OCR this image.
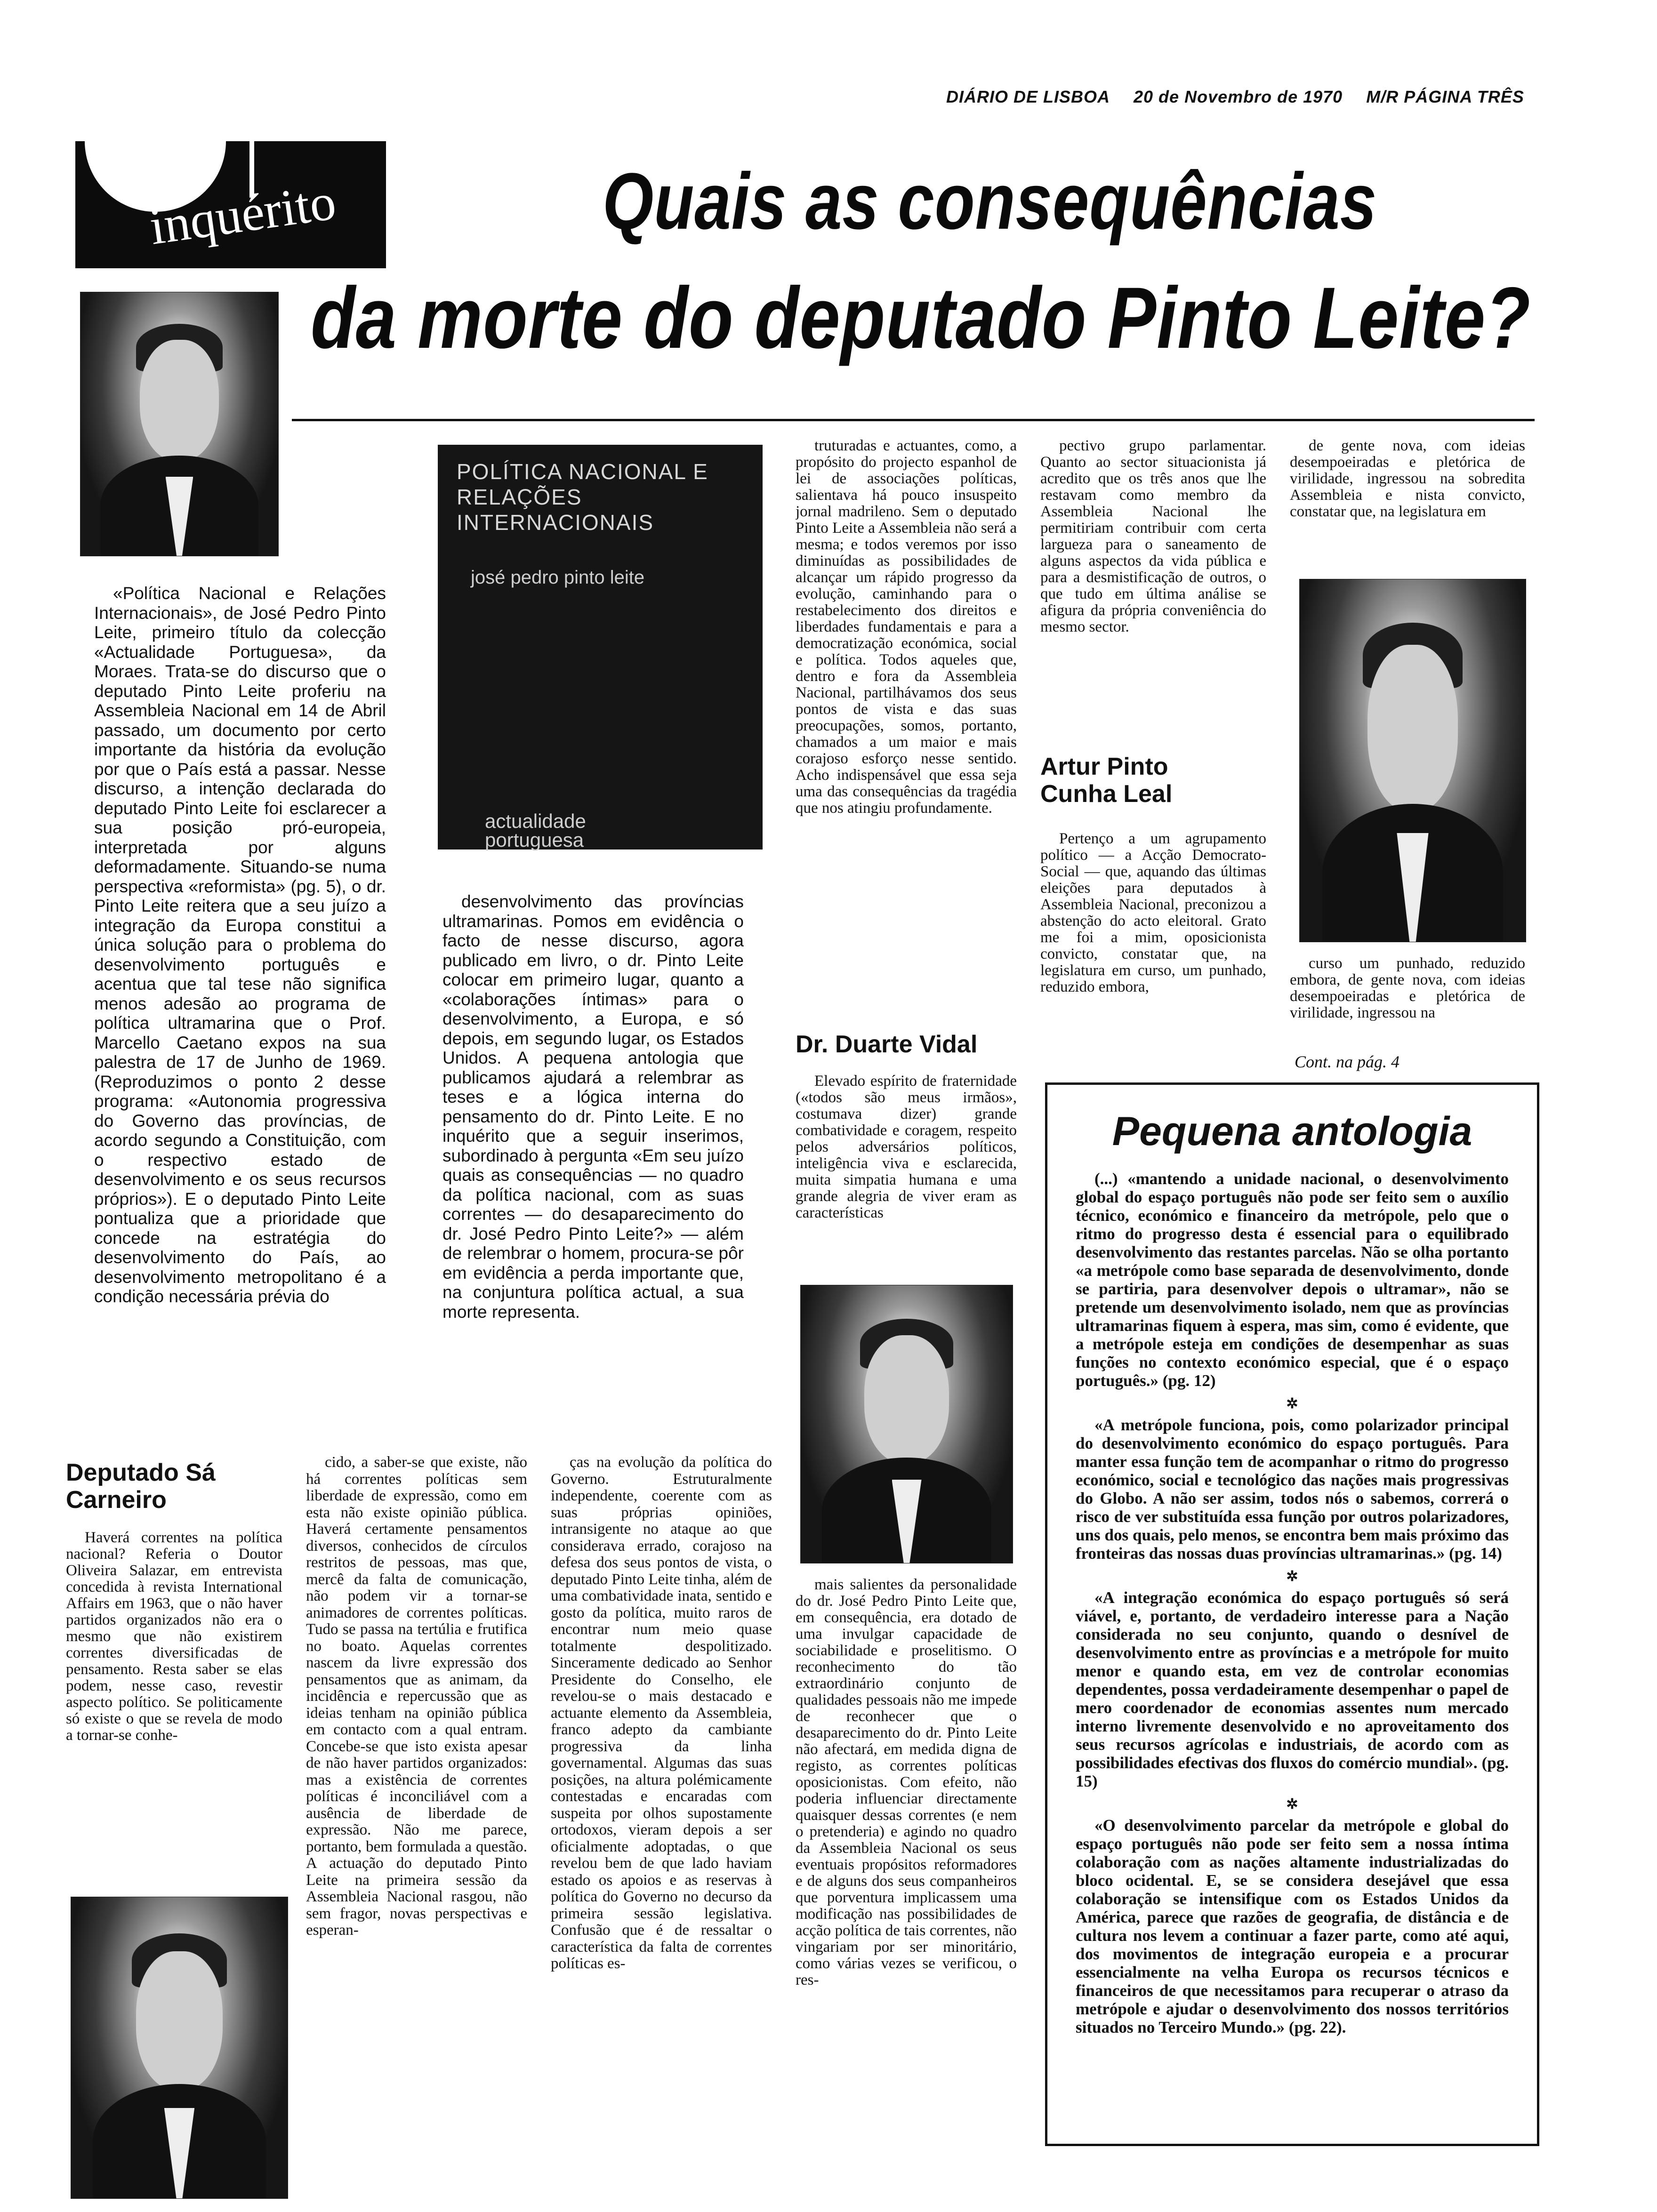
DIÁRIO DE LISBOA 20 de Novembro de 1970 M/R PÁGINA TRÊS
inquérito	Quais as consequências
da morte do deputado Pinto Leite?
POLÍTICA NACIONAL E RELAÇÕES INTERNACIONAIS
josé pedro pinto leite
actualidade portuguesa

«Política Nacional e Relações Internacionais», de José Pedro Pinto Leite, primeiro título da colecção «Actualidade Portuguesa», da Moraes. Trata-se do discurso que o deputado Pinto Leite proferiu na Assembleia Nacional em 14 de Abril passado, um documento por certo importante da história da evolução por que o País está a passar. Nesse discurso, a intenção declarada do deputado Pinto Leite foi esclarecer a sua posição pró-europeia, interpretada por alguns deformadamente. Situando-se numa perspectiva «reformista» (pg. 5), o dr. Pinto Leite reitera que a seu juízo a integração da Europa constitui a única solução para o problema do desenvolvimento português e acentua que tal tese não significa menos adesão ao programa de política ultramarina que o Prof. Marcello Caetano expos na sua palestra de 17 de Junho de 1969. (Reproduzimos o ponto 2 desse programa: «Autonomia progressiva do Governo das províncias, de acordo segundo a Constituição, com o respectivo estado de desenvolvimento e os seus recursos próprios»). E o deputado Pinto Leite pontualiza que a prioridade que concede na estratégia do desenvolvimento do País, ao desenvolvimento metropolitano é a condição necessária prévia do

desenvolvimento das províncias ultramarinas. Pomos em evidência o facto de nesse discurso, agora publicado em livro, o dr. Pinto Leite colocar em primeiro lugar, quanto a «colaborações íntimas» para o desenvolvimento, a Europa, e só depois, em segundo lugar, os Estados Unidos. A pequena antologia que publicamos ajudará a relembrar as teses e a lógica interna do pensamento do dr. Pinto Leite. E no inquérito que a seguir inserimos, subordinado à pergunta «Em seu juízo quais as consequências — no quadro da política nacional, com as suas correntes — do desaparecimento do dr. José Pedro Pinto Leite?» — além de relembrar o homem, procura-se pôr em evidência a perda importante que, na conjuntura política actual, a sua morte representa.

truturadas e actuantes, como, a propósito do projecto espanhol de lei de associações políticas, salientava há pouco insuspeito jornal madrileno. Sem o deputado Pinto Leite a Assembleia não será a mesma; e todos veremos por isso diminuídas as possibilidades de alcançar um rápido progresso da evolução, caminhando para o restabelecimento dos direitos e liberdades fundamentais e para a democratização económica, social e política. Todos aqueles que, dentro e fora da Assembleia Nacional, partilhávamos dos seus pontos de vista e das suas preocupações, somos, portanto, chamados a um maior e mais corajoso esforço nesse sentido. Acho indispensável que essa seja uma das consequências da tragédia que nos atingiu profundamente.

Dr. Duarte Vidal

Elevado espírito de fraternidade («todos são meus irmãos», costumava dizer) grande combatividade e coragem, respeito pelos adversários políticos, inteligência viva e esclarecida, muita simpatia humana e uma grande alegria de viver eram as características

mais salientes da personalidade do dr. José Pedro Pinto Leite que, em consequência, era dotado de uma invulgar capacidade de sociabilidade e proselitismo. O reconhecimento do tão extraordinário conjunto de qualidades pessoais não me impede de reconhecer que o desaparecimento do dr. Pinto Leite não afectará, em medida digna de registo, as correntes políticas oposicionistas. Com efeito, não poderia influenciar directamente quaisquer dessas correntes (e nem o pretenderia) e agindo no quadro da Assembleia Nacional os seus eventuais propósitos reformadores e de alguns dos seus companheiros que porventura implicassem uma modificação nas possibilidades de acção política de tais correntes, não vingariam por ser minoritário, como várias vezes se verificou, o res-

pectivo grupo parlamentar. Quanto ao sector situacionista já acredito que os três anos que lhe restavam como membro da Assembleia Nacional lhe permitiriam contribuir com certa largueza para o saneamento de alguns aspectos da vida pública e para a desmistificação de outros, o que tudo em última análise se afigura da própria conveniência do mesmo sector.

Artur Pinto Cunha Leal

Pertenço a um agrupamento político — a Acção Democrato-Social — que, aquando das últimas eleições para deputados à Assembleia Nacional, preconizou a abstenção do acto eleitoral. Grato me foi a mim, oposicionista convicto, constatar que, na legislatura em curso, um punhado, reduzido embora,

de gente nova, com ideias desempoeiradas e pletórica de virilidade, ingressou na sobredita Assembleia e nista convicto, constatar que, na legislatura em

curso um punhado, reduzido embora, de gente nova, com ideias desempoeiradas e pletórica de virilidade, ingressou na

Cont. na pág. 4
Deputado Sá Carneiro

Haverá correntes na política nacional? Referia o Doutor Oliveira Salazar, em entrevista concedida à revista International Affairs em 1963, que o não haver partidos organizados não era o mesmo que não existirem correntes diversificadas de pensamento. Resta saber se elas podem, nesse caso, revestir aspecto político. Se politicamente só existe o que se revela de modo a tornar-se conhe-

cido, a saber-se que existe, não há correntes políticas sem liberdade de expressão, como em esta não existe opinião pública. Haverá certamente pensamentos diversos, conhecidos de círculos restritos de pessoas, mas que, mercê da falta de comunicação, não podem vir a tornar-se animadores de correntes políticas. Tudo se passa na tertúlia e frutifica no boato. Aquelas correntes nascem da livre expressão dos pensamentos que as animam, da incidência e repercussão que as ideias tenham na opinião pública em contacto com a qual entram. Concebe-se que isto exista apesar de não haver partidos organizados: mas a existência de correntes políticas é inconciliável com a ausência de liberdade de expressão. Não me parece, portanto, bem formulada a questão. A actuação do deputado Pinto Leite na primeira sessão da Assembleia Nacional rasgou, não sem fragor, novas perspectivas e esperan-

ças na evolução da política do Governo. Estruturalmente independente, coerente com as suas próprias opiniões, intransigente no ataque ao que considerava errado, corajoso na defesa dos seus pontos de vista, o deputado Pinto Leite tinha, além de uma combatividade inata, sentido e gosto da política, muito raros de encontrar num meio quase totalmente despolitizado. Sinceramente dedicado ao Senhor Presidente do Conselho, ele revelou-se o mais destacado e actuante elemento da Assembleia, franco adepto da cambiante progressiva da linha governamental. Algumas das suas posições, na altura polémicamente contestadas e encaradas com suspeita por olhos supostamente ortodoxos, vieram depois a ser oficialmente adoptadas, o que revelou bem de que lado haviam estado os apoios e as reservas à política do Governo no decurso da primeira sessão legislativa. Confusão que é de ressaltar o característica da falta de correntes políticas es-

Pequena antologia

(...) «mantendo a unidade nacional, o desenvolvimento global do espaço português não pode ser feito sem o auxílio técnico, económico e financeiro da metrópole, pelo que o ritmo do progresso desta é essencial para o equilibrado desenvolvimento das restantes parcelas. Não se olha portanto «a metrópole como base separada de desenvolvimento, donde se partiria, para desenvolver depois o ultramar», não se pretende um desenvolvimento isolado, nem que as províncias ultramarinas fiquem à espera, mas sim, como é evidente, que a metrópole esteja em condições de desempenhar as suas funções no contexto económico especial, que é o espaço português.» (pg. 12)

✲

«A metrópole funciona, pois, como polarizador principal do desenvolvimento económico do espaço português. Para manter essa função tem de acompanhar o ritmo do progresso económico, social e tecnológico das nações mais progressivas do Globo. A não ser assim, todos nós o sabemos, correrá o risco de ver substituída essa função por outros polarizadores, uns dos quais, pelo menos, se encontra bem mais próximo das fronteiras das nossas duas províncias ultramarinas.» (pg. 14)

✲

«A integração económica do espaço português só será viável, e, portanto, de verdadeiro interesse para a Nação considerada no seu conjunto, quando o desnível de desenvolvimento entre as províncias e a metrópole for muito menor e quando esta, em vez de controlar economias dependentes, possa verdadeiramente desempenhar o papel de mero coordenador de economias assentes num mercado interno livremente desenvolvido e no aproveitamento dos seus recursos agrícolas e industriais, de acordo com as possibilidades efectivas dos fluxos do comércio mundial». (pg. 15)

✲

«O desenvolvimento parcelar da metrópole e global do espaço português não pode ser feito sem a nossa íntima colaboração com as nações altamente industrializadas do bloco ocidental. E, se se considera desejável que essa colaboração se intensifique com os Estados Unidos da América, parece que razões de geografia, de distância e de cultura nos levem a continuar a fazer parte, como até aqui, dos movimentos de integração europeia e a procurar essencialmente na velha Europa os recursos técnicos e financeiros de que necessitamos para recuperar o atraso da metrópole e ajudar o desenvolvimento dos nossos territórios situados no Terceiro Mundo.» (pg. 22).
